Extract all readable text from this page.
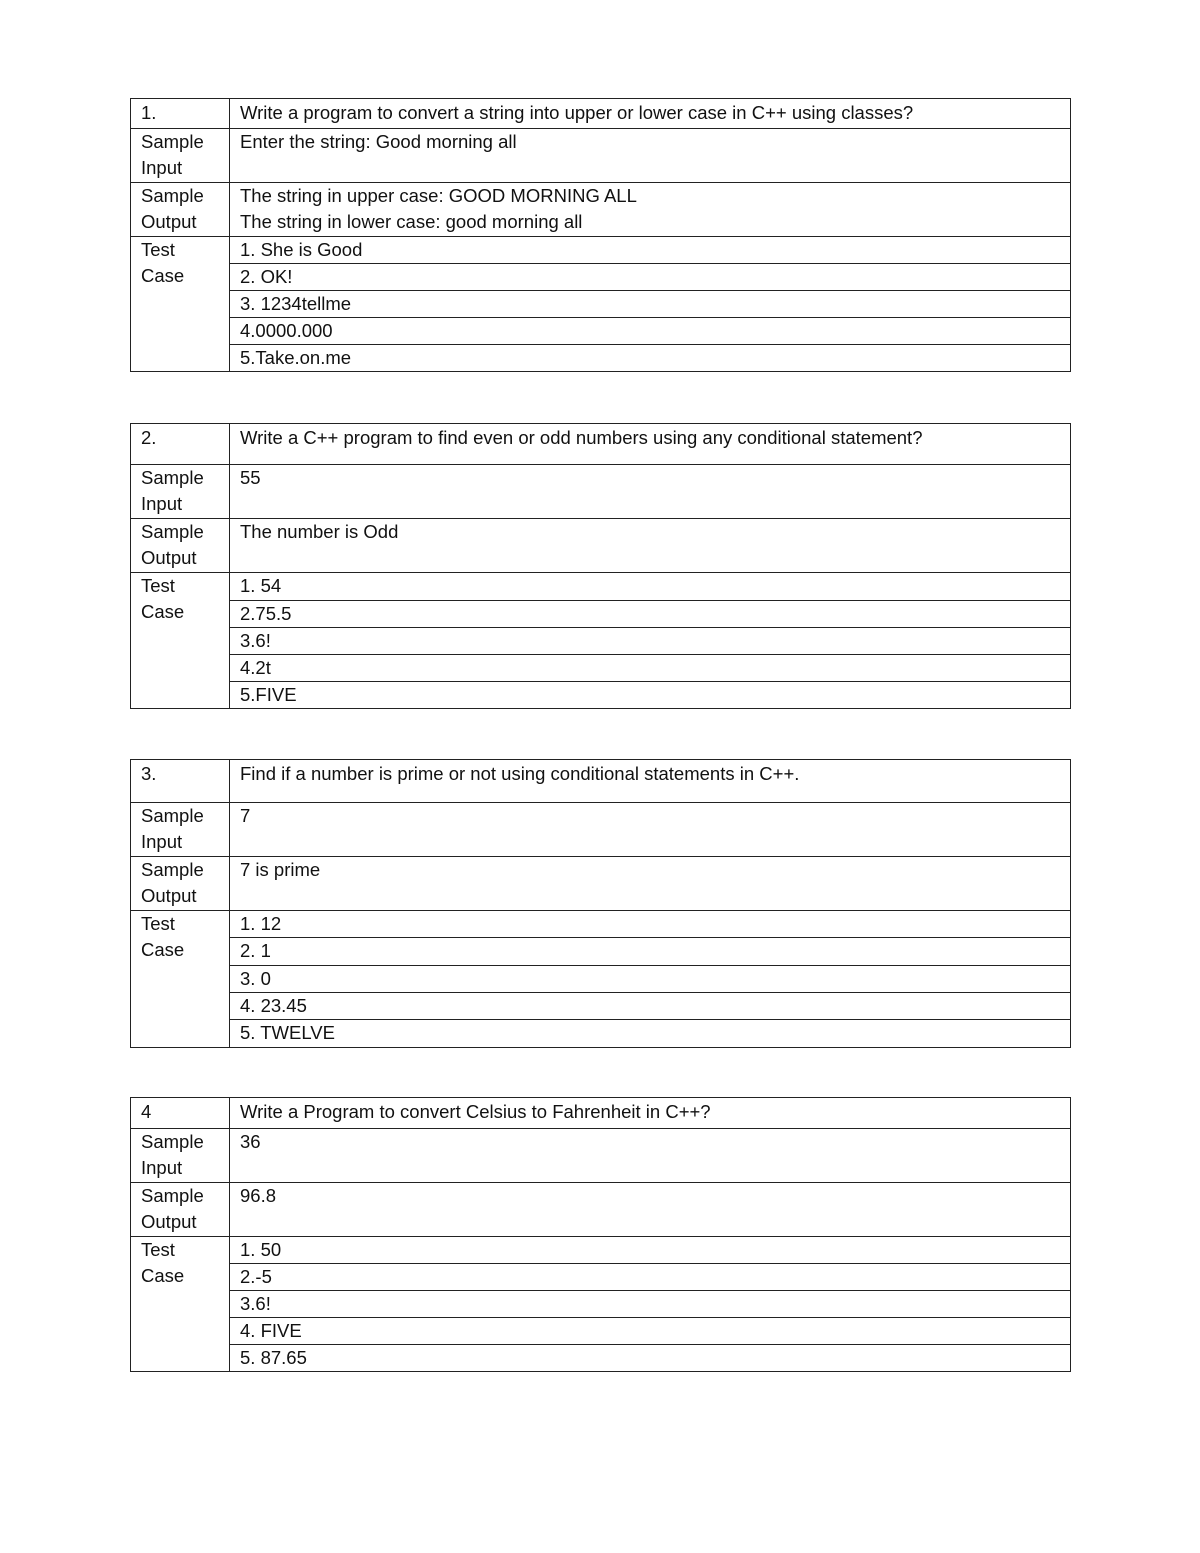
1.	Write a program to convert a string into upper or lower case in C++ using classes?

Sample
Input	Enter the string: Good morning all

Sample
Output	The string in upper case: GOOD MORNING ALL
The string in lower case: good morning all

Test
Case	1. She is Good
	2. OK!
	3. 1234tellme
	4.0000.000
	5.Take.on.me
2.	Write a C++ program to find even or odd numbers using any conditional statement?

Sample
Input	55

Sample
Output	The number is Odd

Test
Case	1. 54
	2.75.5
	3.6!
	4.2t
	5.FIVE
3.	Find if a number is prime or not using conditional statements in C++.

Sample
Input	7

Sample
Output	7 is prime

Test
Case	1. 12
	2. 1
	3. 0
	4. 23.45
	5. TWELVE
4	Write a Program to convert Celsius to Fahrenheit in C++?

Sample
Input	36

Sample
Output	96.8

Test
Case	1. 50
	2.-5
	3.6!
	4. FIVE
	5. 87.65
